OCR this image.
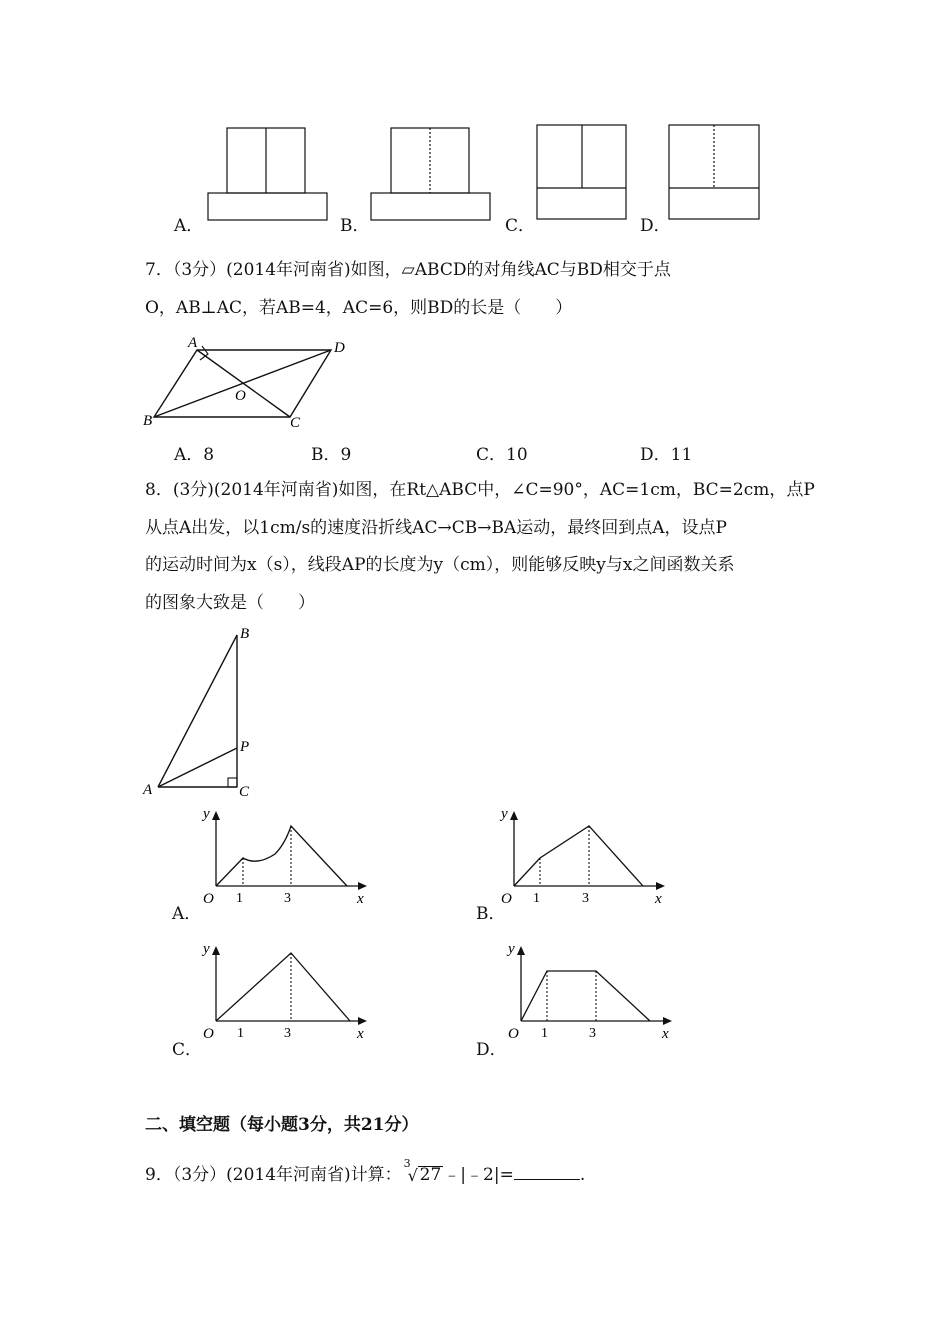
A．	B．	C．	D．
7．（3分）(2014年河南省)如图，▱ABCD的对角线AC与BD相交于点
O，AB⊥AC，若AB=4，AC=6，则BD的长是（　　）
A	D
B	C
O
A．8	B．9	C．10	D．11
8．(3分)(2014年河南省)如图，在Rt△ABC中，∠C=90°，AC=1cm，BC=2cm，点P
从点A出发，以1cm/s的速度沿折线AC→CB→BA运动，最终回到点A，设点P
的运动时间为x（s），线段AP的长度为y（cm），则能够反映y与x之间函数关系
的图象大致是（　　）
B
P
A	C
y
O 1	3	x
A．
y
O 1	3	x
B．
y
O 1	3	x
C．
y
O 1	3	x
D．
二、填空题（每小题3分，共21分）
9．（3分）(2014年河南省)计算：
3
√ 27 ﹣|﹣2|=	.
